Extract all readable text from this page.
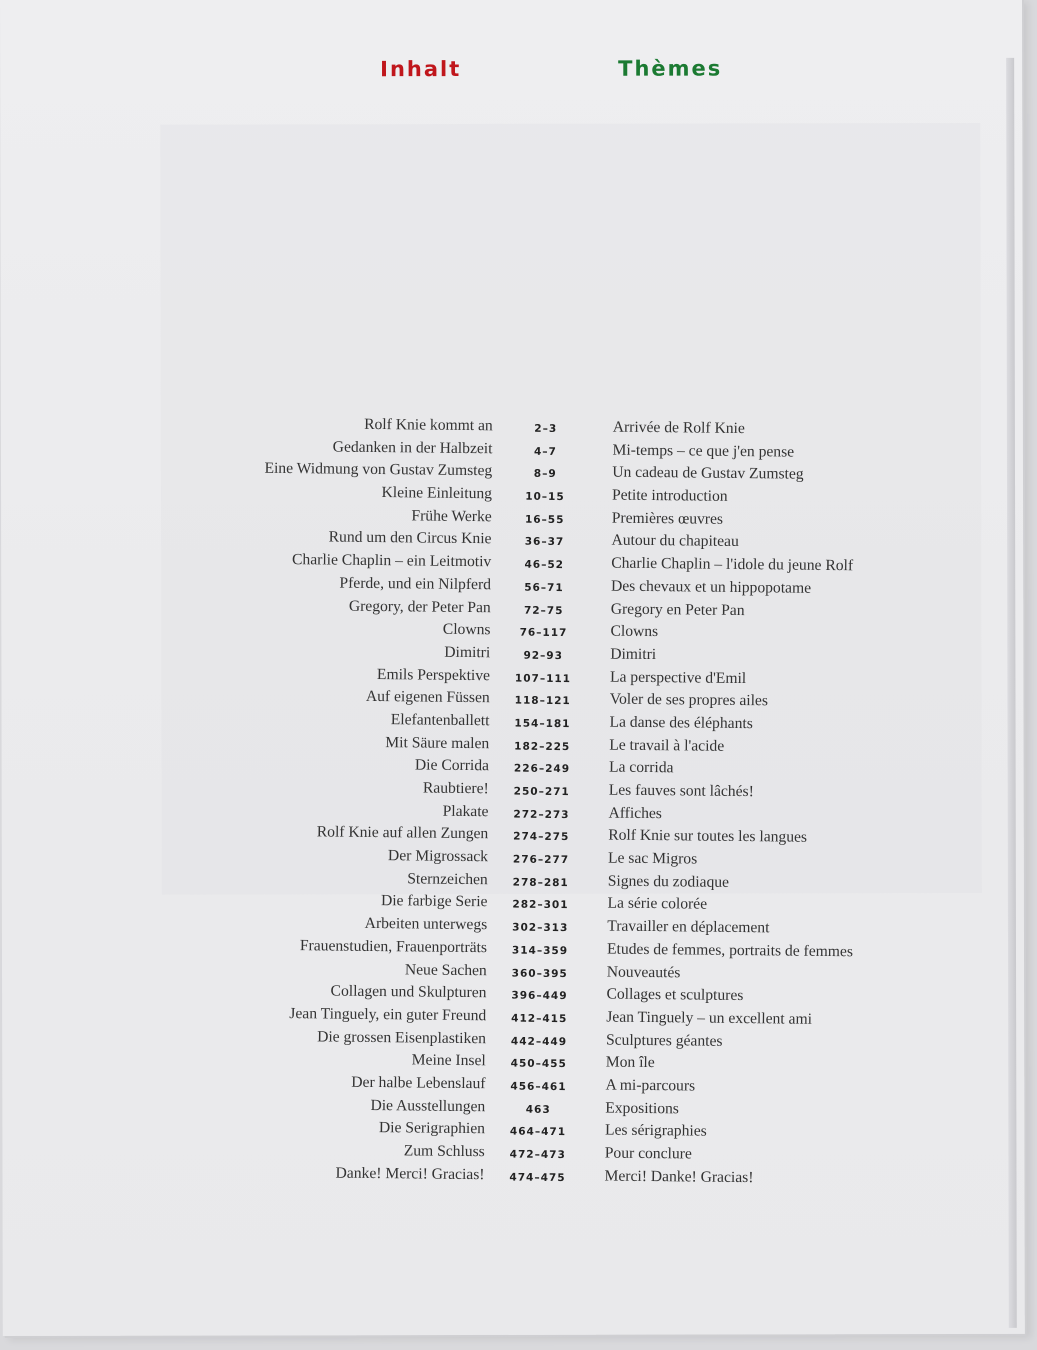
Inhalt	Thèmes
Rolf Knie kommt an	2–3	Arrivée de Rolf Knie
Gedanken in der Halbzeit	4–7	Mi-temps – ce que j'en pense
Eine Widmung von Gustav Zumsteg	8–9	Un cadeau de Gustav Zumsteg
Kleine Einleitung	10–15	Petite introduction
Frühe Werke	16–55	Premières œuvres
Rund um den Circus Knie	36–37	Autour du chapiteau
Charlie Chaplin – ein Leitmotiv	46–52	Charlie Chaplin – l'idole du jeune Rolf
Pferde, und ein Nilpferd	56–71	Des chevaux et un hippopotame
Gregory, der Peter Pan	72–75	Gregory en Peter Pan
Clowns	76–117	Clowns
Dimitri	92–93	Dimitri
Emils Perspektive	107–111	La perspective d'Emil
Auf eigenen Füssen	118–121	Voler de ses propres ailes
Elefantenballett	154–181	La danse des éléphants
Mit Säure malen	182–225	Le travail à l'acide
Die Corrida	226–249	La corrida
Raubtiere!	250–271	Les fauves sont lâchés!
Plakate	272–273	Affiches
Rolf Knie auf allen Zungen	274–275	Rolf Knie sur toutes les langues
Der Migrossack	276–277	Le sac Migros
Sternzeichen	278–281	Signes du zodiaque
Die farbige Serie	282–301	La série colorée
Arbeiten unterwegs	302–313	Travailler en déplacement
Frauenstudien, Frauenporträts	314–359	Etudes de femmes, portraits de femmes
Neue Sachen	360–395	Nouveautés
Collagen und Skulpturen	396–449	Collages et sculptures
Jean Tinguely, ein guter Freund	412–415	Jean Tinguely – un excellent ami
Die grossen Eisenplastiken	442–449	Sculptures géantes
Meine Insel	450–455	Mon île
Der halbe Lebenslauf	456–461	A mi-parcours
Die Ausstellungen	463	Expositions
Die Serigraphien	464–471	Les sérigraphies
Zum Schluss	472–473	Pour conclure
Danke! Merci! Gracias!	474–475	Merci! Danke! Gracias!
